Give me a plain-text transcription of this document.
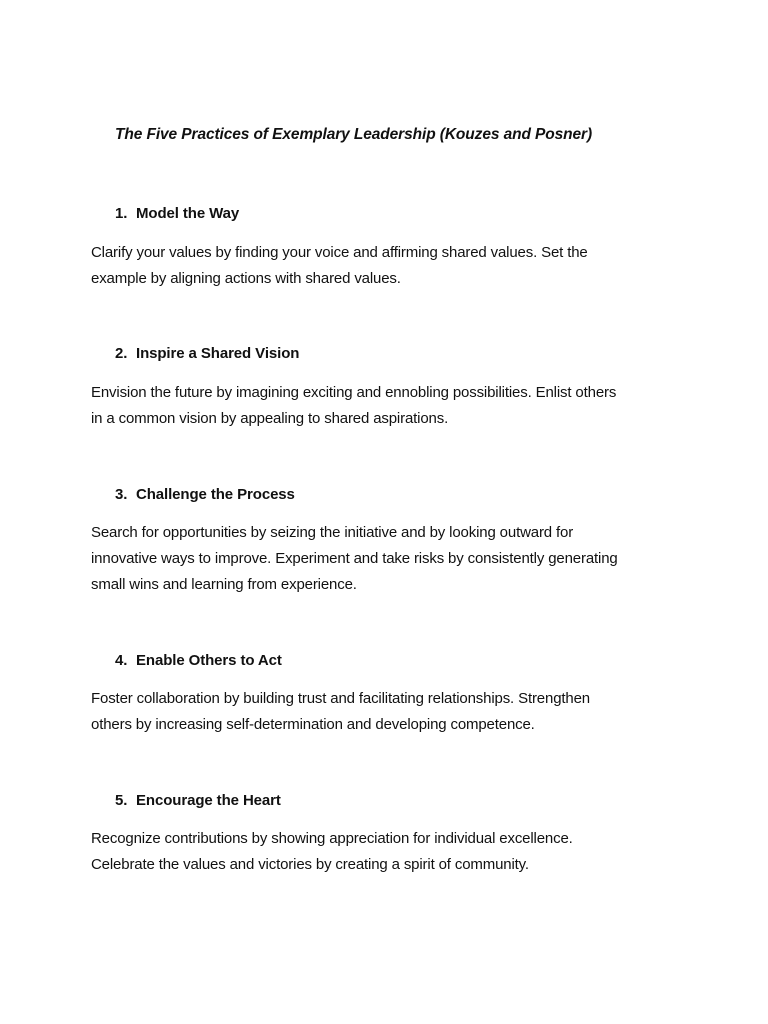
The Five Practices of Exemplary Leadership (Kouzes and Posner)
1. Model the Way

Clarify your values by finding your voice and affirming shared values. Set the
example by aligning actions with shared values.

2. Inspire a Shared Vision

Envision the future by imagining exciting and ennobling possibilities. Enlist others
in a common vision by appealing to shared aspirations.

3. Challenge the Process

Search for opportunities by seizing the initiative and by looking outward for
innovative ways to improve. Experiment and take risks by consistently generating
small wins and learning from experience.

4. Enable Others to Act

Foster collaboration by building trust and facilitating relationships. Strengthen
others by increasing self-determination and developing competence.

5. Encourage the Heart

Recognize contributions by showing appreciation for individual excellence.
Celebrate the values and victories by creating a spirit of community.
